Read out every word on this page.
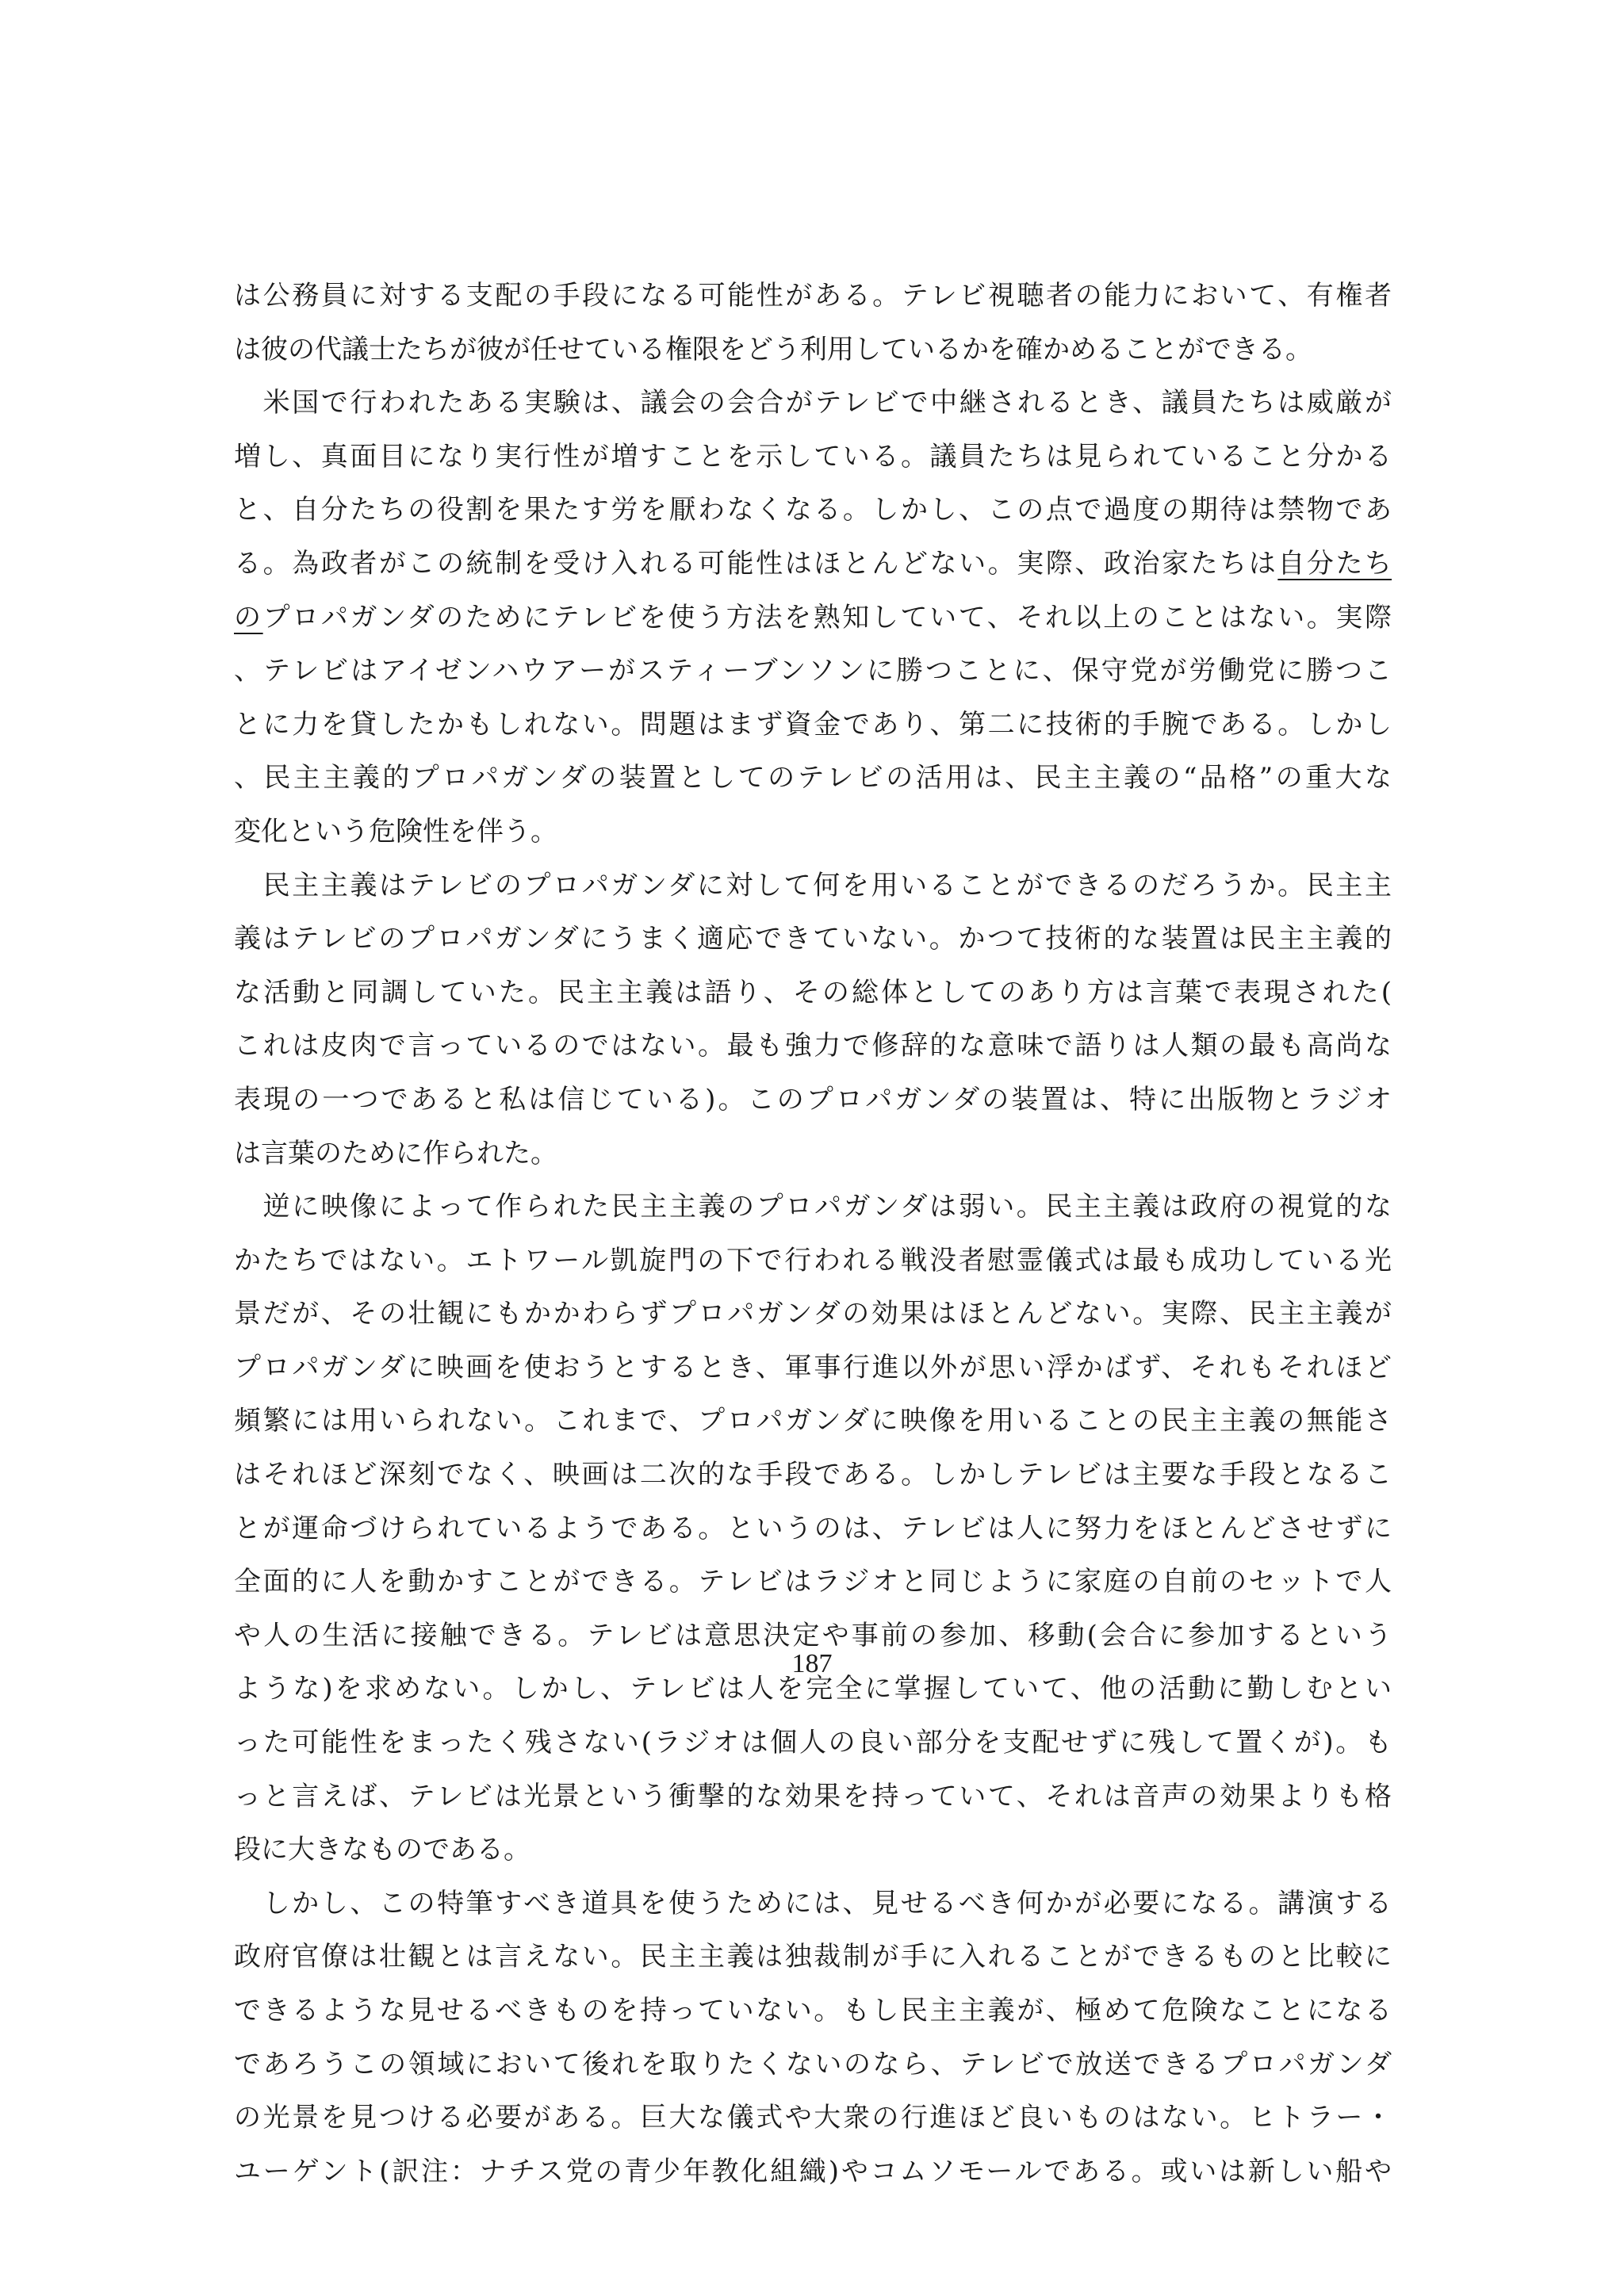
は公務員に対する支配の手段になる可能性がある。テレビ視聴者の能力において、有権者
は彼の代議士たちが彼が任せている権限をどう利用しているかを確かめることができる。
　米国で行われたある実験は、議会の会合がテレビで中継されるとき、議員たちは威厳が
増し、真面目になり実行性が増すことを示している。議員たちは見られていること分かる
と、自分たちの役割を果たす労を厭わなくなる。しかし、この点で過度の期待は禁物であ
る。為政者がこの統制を受け入れる可能性はほとんどない。実際、政治家たちは自分たち
のプロパガンダのためにテレビを使う方法を熟知していて、それ以上のことはない。実際
、テレビはアイゼンハウアーがスティーブンソンに勝つことに、保守党が労働党に勝つこ
とに力を貸したかもしれない。問題はまず資金であり、第二に技術的手腕である。しかし
、民主主義的プロパガンダの装置としてのテレビの活用は、民主主義の“品格”の重大な
変化という危険性を伴う。
　民主主義はテレビのプロパガンダに対して何を用いることができるのだろうか。民主主
義はテレビのプロパガンダにうまく適応できていない。かつて技術的な装置は民主主義的
な活動と同調していた。民主主義は語り、その総体としてのあり方は言葉で表現された(
これは皮肉で言っているのではない。最も強力で修辞的な意味で語りは人類の最も高尚な
表現の一つであると私は信じている)。このプロパガンダの装置は、特に出版物とラジオ
は言葉のために作られた。
　逆に映像によって作られた民主主義のプロパガンダは弱い。民主主義は政府の視覚的な
かたちではない。エトワール凱旋門の下で行われる戦没者慰霊儀式は最も成功している光
景だが、その壮観にもかかわらずプロパガンダの効果はほとんどない。実際、民主主義が
プロパガンダに映画を使おうとするとき、軍事行進以外が思い浮かばず、それもそれほど
頻繁には用いられない。これまで、プロパガンダに映像を用いることの民主主義の無能さ
はそれほど深刻でなく、映画は二次的な手段である。しかしテレビは主要な手段となるこ
とが運命づけられているようである。というのは、テレビは人に努力をほとんどさせずに
全面的に人を動かすことができる。テレビはラジオと同じように家庭の自前のセットで人
や人の生活に接触できる。テレビは意思決定や事前の参加、移動(会合に参加するという
ような)を求めない。しかし、テレビは人を完全に掌握していて、他の活動に勤しむとい
った可能性をまったく残さない(ラジオは個人の良い部分を支配せずに残して置くが)。も
っと言えば、テレビは光景という衝撃的な効果を持っていて、それは音声の効果よりも格
段に大きなものである。
　しかし、この特筆すべき道具を使うためには、見せるべき何かが必要になる。講演する
政府官僚は壮観とは言えない。民主主義は独裁制が手に入れることができるものと比較に
できるような見せるべきものを持っていない。もし民主主義が、極めて危険なことになる
であろうこの領域において後れを取りたくないのなら、テレビで放送できるプロパガンダ
の光景を見つける必要がある。巨大な儀式や大衆の行進ほど良いものはない。ヒトラー・
ユーゲント(訳注：ナチス党の青少年教化組織)やコムソモールである。或いは新しい船や
187
